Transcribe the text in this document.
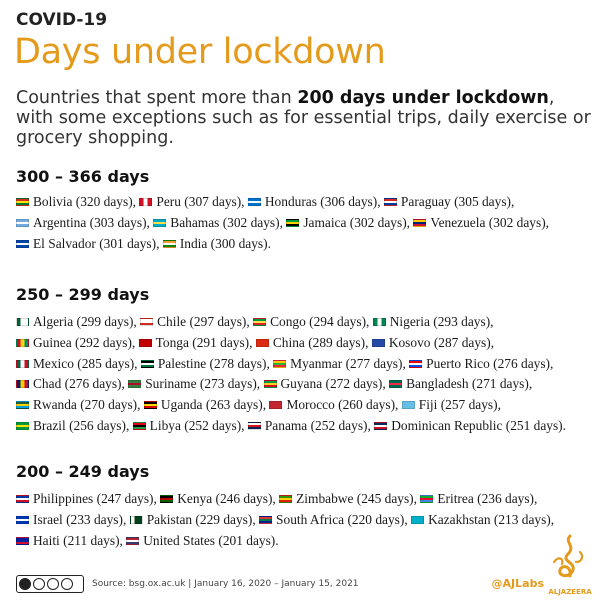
COVID-19
Days under lockdown
Countries that spent more than 200 days under lockdown, with some exceptions such as for essential trips, daily exercise or grocery shopping.
300 – 366 days
Bolivia (320 days), Peru (307 days), Honduras (306 days), Paraguay (305 days), Argentina (303 days), Bahamas (302 days), Jamaica (302 days), Venezuela (302 days), El Salvador (301 days), India (300 days).
250 – 299 days
Algeria (299 days), Chile (297 days), Congo (294 days), Nigeria (293 days), Guinea (292 days), Tonga (291 days), China (289 days), Kosovo (287 days), Mexico (285 days), Palestine (278 days), Myanmar (277 days), Puerto Rico (276 days), Chad (276 days), Suriname (273 days), Guyana (272 days), Bangladesh (271 days), Rwanda (270 days), Uganda (263 days), Morocco (260 days), Fiji (257 days), Brazil (256 days), Libya (252 days), Panama (252 days), Dominican Republic (251 days).
200 – 249 days
Philippines (247 days), Kenya (246 days), Zimbabwe (245 days), Eritrea (236 days), Israel (233 days), Pakistan (229 days), South Africa (220 days), Kazakhstan (213 days), Haiti (211 days), United States (201 days).
Source: bsg.ox.ac.uk | January 16, 2020 – January 15, 2021	@AJLabs
ALJAZEERA
